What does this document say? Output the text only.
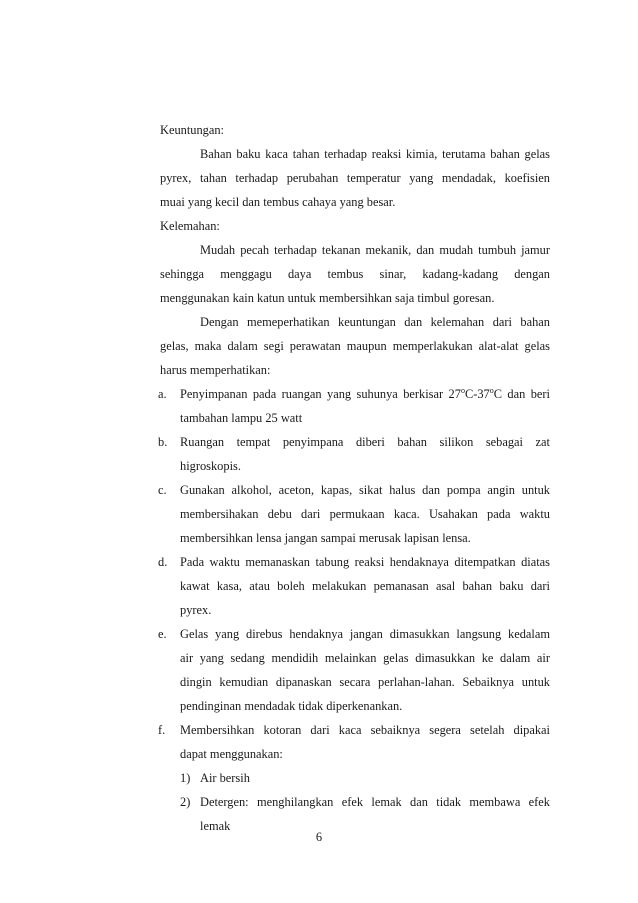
Keuntungan:
Bahan baku kaca tahan terhadap reaksi kimia, terutama bahan gelas
pyrex, tahan terhadap perubahan temperatur yang mendadak, koefisien
muai yang kecil dan tembus cahaya yang besar.
Kelemahan:
Mudah pecah terhadap tekanan mekanik, dan mudah tumbuh jamur
sehingga menggagu daya tembus sinar, kadang-kadang dengan
menggunakan kain katun untuk membersihkan saja timbul goresan.
Dengan memeperhatikan keuntungan dan kelemahan dari bahan
gelas, maka dalam segi perawatan maupun memperlakukan alat-alat gelas
harus memperhatikan:
a. Penyimpanan pada ruangan yang suhunya berkisar 27$^o$C-37$^o$C dan beri
tambahan lampu 25 watt
b. Ruangan tempat penyimpana diberi bahan silikon sebagai zat
higroskopis.
c. Gunakan alkohol, aceton, kapas, sikat halus dan pompa angin untuk
membersihakan debu dari permukaan kaca. Usahakan pada waktu
membersihkan lensa jangan sampai merusak lapisan lensa.
d. Pada waktu memanaskan tabung reaksi hendaknaya ditempatkan diatas
kawat kasa, atau boleh melakukan pemanasan asal bahan baku dari
pyrex.
e. Gelas yang direbus hendaknya jangan dimasukkan langsung kedalam
air yang sedang mendidih melainkan gelas dimasukkan ke dalam air
dingin kemudian dipanaskan secara perlahan-lahan. Sebaiknya untuk
pendinginan mendadak tidak diperkenankan.
f. Membersihkan kotoran dari kaca sebaiknya segera setelah dipakai
dapat menggunakan:
1) Air bersih
2) Detergen: menghilangkan efek lemak dan tidak membawa efek
lemak
6
